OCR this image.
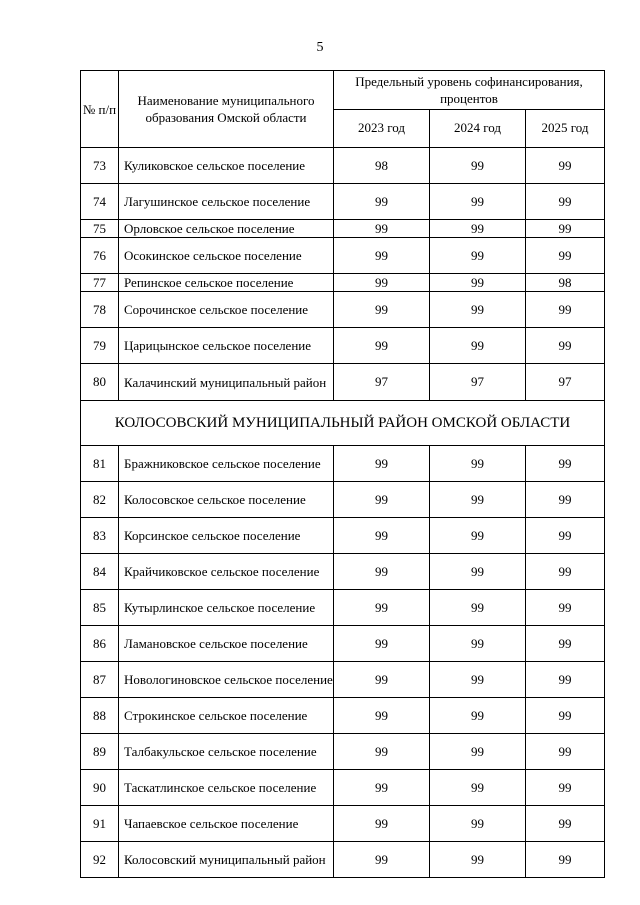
5
№ п/п	Наименование муниципального образования Омской области	Предельный уровень софинансирования, процентов		
		2023 год	2024 год	2025 год
73	Куликовское сельское поселение	98	99	99
74	Лагушинское сельское поселение	99	99	99
75	Орловское сельское поселение	99	99	99
76	Осокинское сельское поселение	99	99	99
77	Репинское сельское поселение	99	99	98
78	Сорочинское сельское поселение	99	99	99
79	Царицынское сельское поселение	99	99	99
80	Калачинский муниципальный район	97	97	97
КОЛОСОВСКИЙ МУНИЦИПАЛЬНЫЙ РАЙОН ОМСКОЙ ОБЛАСТИ				
81	Бражниковское сельское поселение	99	99	99
82	Колосовское сельское поселение	99	99	99
83	Корсинское сельское поселение	99	99	99
84	Крайчиковское сельское поселение	99	99	99
85	Кутырлинское сельское поселение	99	99	99
86	Ламановское сельское поселение	99	99	99
87	Новологиновское сельское поселение	99	99	99
88	Строкинское сельское поселение	99	99	99
89	Талбакульское сельское поселение	99	99	99
90	Таскатлинское сельское поселение	99	99	99
91	Чапаевское сельское поселение	99	99	99
92	Колосовский муниципальный район	99	99	99
